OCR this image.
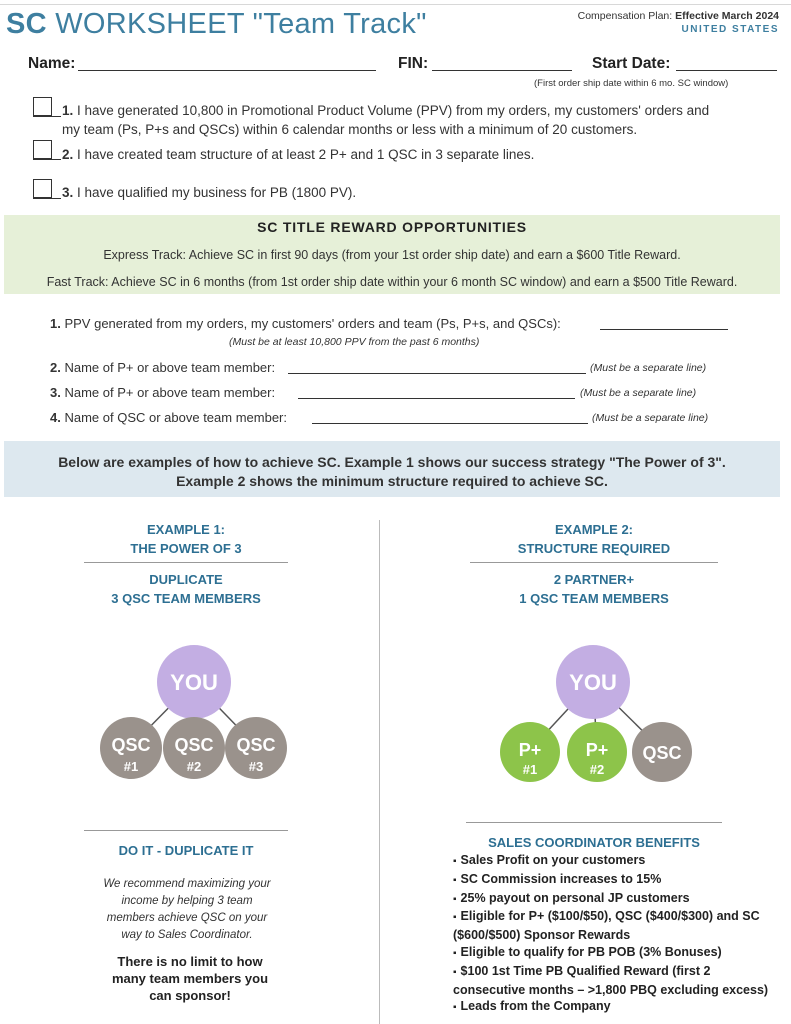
SC WORKSHEET "Team Track"	Compensation Plan: Effective March 2024
UNITED STATES
Name:	FIN:	Start Date:
(First order ship date within 6 mo. SC window)
1. I have generated 10,800 in Promotional Product Volume (PPV) from my orders, my customers' orders and
my team (Ps, P+s and QSCs) within 6 calendar months or less with a minimum of 20 customers.
2. I have created team structure of at least 2 P+ and 1 QSC in 3 separate lines.
3. I have qualified my business for PB (1800 PV).
SC TITLE REWARD OPPORTUNITIES
Express Track: Achieve SC in first 90 days (from your 1st order ship date) and earn a $600 Title Reward.
Fast Track: Achieve SC in 6 months (from 1st order ship date within your 6 month SC window) and earn a $500 Title Reward.
1. PPV generated from my orders, my customers' orders and team (Ps, P+s, and QSCs):
(Must be at least 10,800 PPV from the past 6 months)
2. Name of P+ or above team member:	(Must be a separate line)
3. Name of P+ or above team member:	(Must be a separate line)
4. Name of QSC or above team member:	(Must be a separate line)
Below are examples of how to achieve SC. Example 1 shows our success strategy "The Power of 3".
Example 2 shows the minimum structure required to achieve SC.
EXAMPLE 1:
THE POWER OF 3
DUPLICATE
3 QSC TEAM MEMBERS
YOU
QSC
#1
QSC
#2
QSC
#3
DO IT - DUPLICATE IT
We recommend maximizing your income by helping 3 team members achieve QSC on your way to Sales Coordinator.
There is no limit to how many team members you can sponsor!
EXAMPLE 2:
STRUCTURE REQUIRED
2 PARTNER+
1 QSC TEAM MEMBERS
YOU
P+
#1
P+
#2
QSC
SALES COORDINATOR BENEFITS
▪ Sales Profit on your customers
▪ SC Commission increases to 15%
▪ 25% payout on personal JP customers
▪ Eligible for P+ ($100/$50), QSC ($400/$300) and SC ($600/$500) Sponsor Rewards
▪ Eligible to qualify for PB POB (3% Bonuses)
▪ $100 1st Time PB Qualified Reward (first 2 consecutive months – >1,800 PBQ excluding excess)
▪ Leads from the Company
